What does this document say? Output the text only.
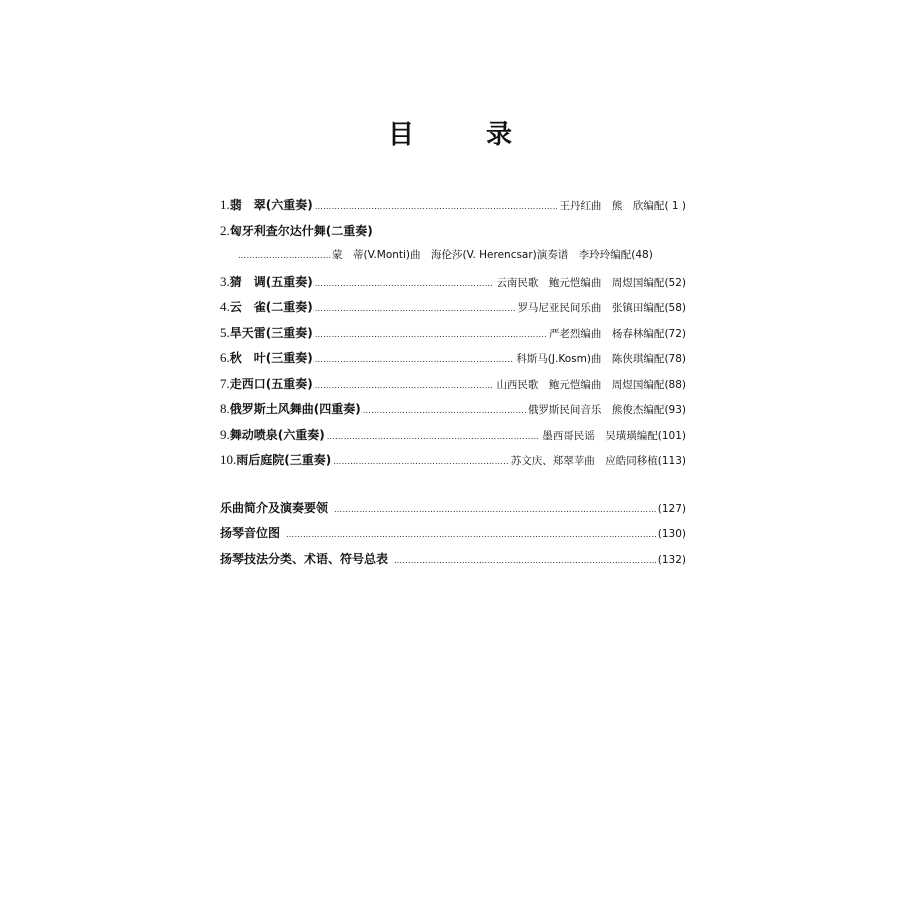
目	录
1.翡　翠(六重奏) ………………………………………………………………………………………………………………………………………………………………………………………	王丹红曲　熊　欣编配 ( 1 )
2.匈牙利查尔达什舞(二重奏)
………………………………………………………………………………………………………………………………………………………………………………………
蒙　蒂(V.Monti)曲　海伦莎(V. Herencsar)演奏谱　李玲玲编配 (48)
3.猜　调(五重奏) ………………………………………………………………………………………………………………………………………………………………………………………	云南民歌　鲍元恺编曲　周煜国编配 (52)
4.云　雀(二重奏) ………………………………………………………………………………………………………………………………………………………………………………………	罗马尼亚民间乐曲　张镇田编配 (58)
5.旱天雷(三重奏) ………………………………………………………………………………………………………………………………………………………………………………………	严老烈编曲　杨春林编配 (72)
6.秋　叶(三重奏) ………………………………………………………………………………………………………………………………………………………………………………………	科斯马(J.Kosm)曲　陈侠琪编配 (78)
7.走西口(五重奏) ………………………………………………………………………………………………………………………………………………………………………………………	山西民歌　鲍元恺编曲　周煜国编配 (88)
8.俄罗斯土风舞曲(四重奏) ………………………………………………………………………………………………………………………………………………………………………………………	俄罗斯民间音乐　熊俊杰编配 (93)
9.舞动喷泉(六重奏) ………………………………………………………………………………………………………………………………………………………………………………………	墨西哥民谣　吴璜璜编配 (101)
10.雨后庭院(三重奏) ………………………………………………………………………………………………………………………………………………………………………………………	苏文庆、郑翠苹曲　应皓同移植 (113)
乐曲简介及演奏要领 ………………………………………………………………………………………………………………………………………………………………………………………	(127)
扬琴音位图 ………………………………………………………………………………………………………………………………………………………………………………………	(130)
扬琴技法分类、术语、符号总表 ………………………………………………………………………………………………………………………………………………………………………………………	(132)
